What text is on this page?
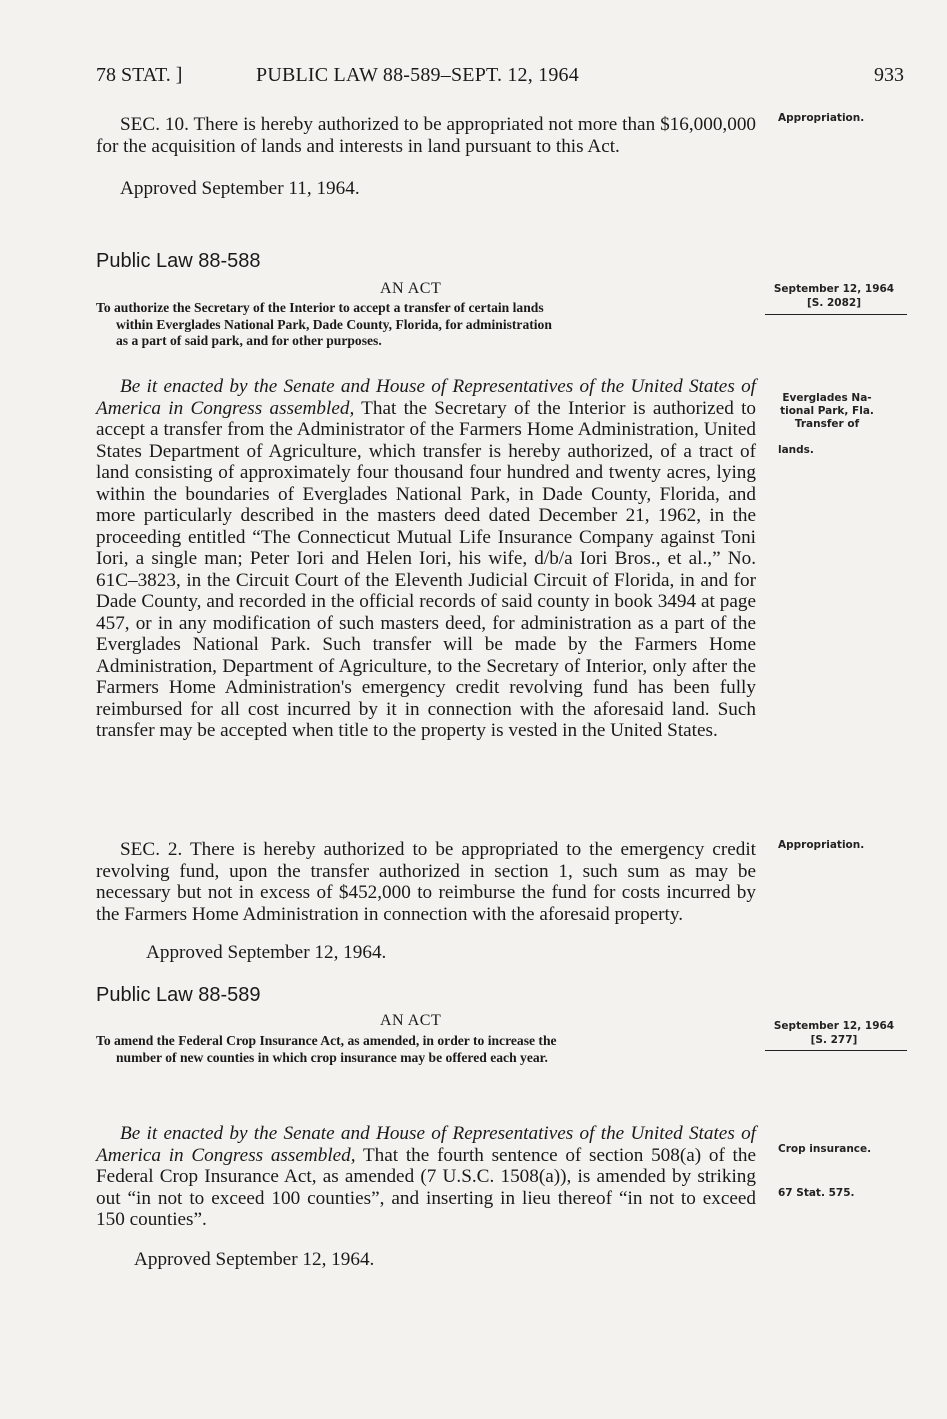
78 STAT. ]	PUBLIC LAW 88-589–SEPT. 12, 1964	933

SEC. 10. There is hereby authorized to be appropriated not more than $16,000,000 for the acquisition of lands and interests in land pursuant to this Act.

Approved September 11, 1964.
Public Law 88-588
AN ACT
To authorize the Secretary of the Interior to accept a transfer of certain lands
within Everglades National Park, Dade County, Florida, for administration
as a part of said park, and for other purposes.

Be it enacted by the Senate and House of Representatives of the United States of America in Congress assembled, That the Secretary of the Interior is authorized to accept a transfer from the Administrator of the Farmers Home Administration, United States Department of Agriculture, which transfer is hereby authorized, of a tract of land consisting of approximately four thousand four hundred and twenty acres, lying within the boundaries of Everglades National Park, in Dade County, Florida, and more particularly described in the masters deed dated December 21, 1962, in the proceeding entitled “The Connecticut Mutual Life Insurance Company against Toni Iori, a single man; Peter Iori and Helen Iori, his wife, d/b/a Iori Bros., et al.,” No. 61C–3823, in the Circuit Court of the Eleventh Judicial Circuit of Florida, in and for Dade County, and recorded in the official records of said county in book 3494 at page 457, or in any modification of such masters deed, for administration as a part of the Everglades National Park. Such transfer will be made by the Farmers Home Administration, Department of Agriculture, to the Secretary of Interior, only after the Farmers Home Administration's emergency credit revolving fund has been fully reimbursed for all cost incurred by it in connection with the aforesaid land. Such transfer may be accepted when title to the property is vested in the United States.

SEC. 2. There is hereby authorized to be appropriated to the emergency credit revolving fund, upon the transfer authorized in section 1, such sum as may be necessary but not in excess of $452,000 to reimburse the fund for costs incurred by the Farmers Home Administration in connection with the aforesaid property.

Approved September 12, 1964.
Public Law 88-589
AN ACT
To amend the Federal Crop Insurance Act, as amended, in order to increase the
number of new counties in which crop insurance may be offered each year.

Be it enacted by the Senate and House of Representatives of the United States of America in Congress assembled, That the fourth sentence of section 508(a) of the Federal Crop Insurance Act, as amended (7 U.S.C. 1508(a)), is amended by striking out “in not to exceed 100 counties”, and inserting in lieu thereof “in not to exceed 150 counties”.

Approved September 12, 1964.
Appropriation.
September 12, 1964
[S. 2082]
Everglades Na-
tional Park, Fla.
Transfer of
lands.
Appropriation.
September 12, 1964
[S. 277]
Crop insurance.
67 Stat. 575.
